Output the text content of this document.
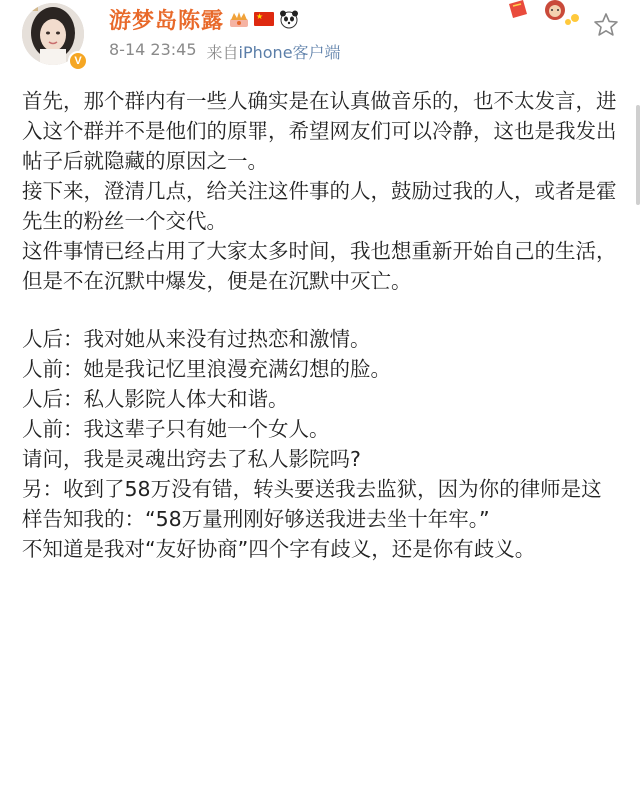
V
游梦岛陈露	★
8-14 23:45 来自iPhone客户端

首先，那个群内有一些人确实是在认真做音乐的，也不太发言，进入这个群并不是他们的原罪，希望网友们可以冷静，这也是我发出帖子后就隐藏的原因之一。

接下来，澄清几点，给关注这件事的人，鼓励过我的人，或者是霍先生的粉丝一个交代。

这件事情已经占用了大家太多时间，我也想重新开始自己的生活，但是不在沉默中爆发，便是在沉默中灭亡。

人后：我对她从来没有过热恋和激情。

人前：她是我记忆里浪漫充满幻想的脸。

人后：私人影院人体大和谐。

人前：我这辈子只有她一个女人。

请问，我是灵魂出窍去了私人影院吗?

另：收到了58万没有错，转头要送我去监狱，因为你的律师是这样告知我的：“58万量刑刚好够送我进去坐十年牢。”

不知道是我对“友好协商”四个字有歧义，还是你有歧义。
